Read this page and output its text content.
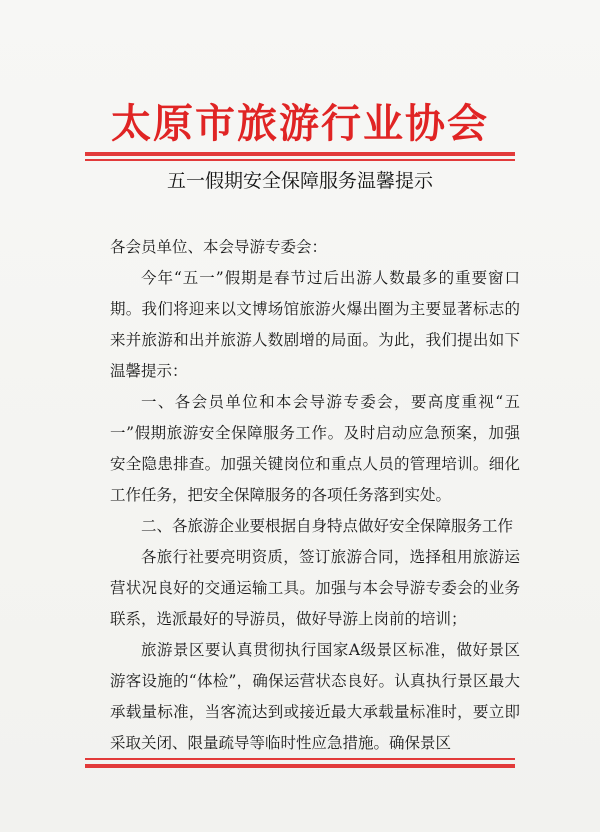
太原市旅游行业协会
五一假期安全保障服务温馨提示
各会员单位、本会导游专委会：

今年“五一”假期是春节过后出游人数最多的重要窗口期。我们将迎来以文博场馆旅游火爆出圈为主要显著标志的来并旅游和出并旅游人数剧增的局面。为此，我们提出如下温馨提示：

一、各会员单位和本会导游专委会，要高度重视“五一”假期旅游安全保障服务工作。及时启动应急预案，加强安全隐患排查。加强关键岗位和重点人员的管理培训。细化工作任务，把安全保障服务的各项任务落到实处。

二、各旅游企业要根据自身特点做好安全保障服务工作

各旅行社要亮明资质，签订旅游合同，选择租用旅游运营状况良好的交通运输工具。加强与本会导游专委会的业务联系，选派最好的导游员，做好导游上岗前的培训；

旅游景区要认真贯彻执行国家A级景区标准，做好景区游客设施的“体检”，确保运营状态良好。认真执行景区最大承载量标准，当客流达到或接近最大承载量标准时，要立即采取关闭、限量疏导等临时性应急措施。确保景区
